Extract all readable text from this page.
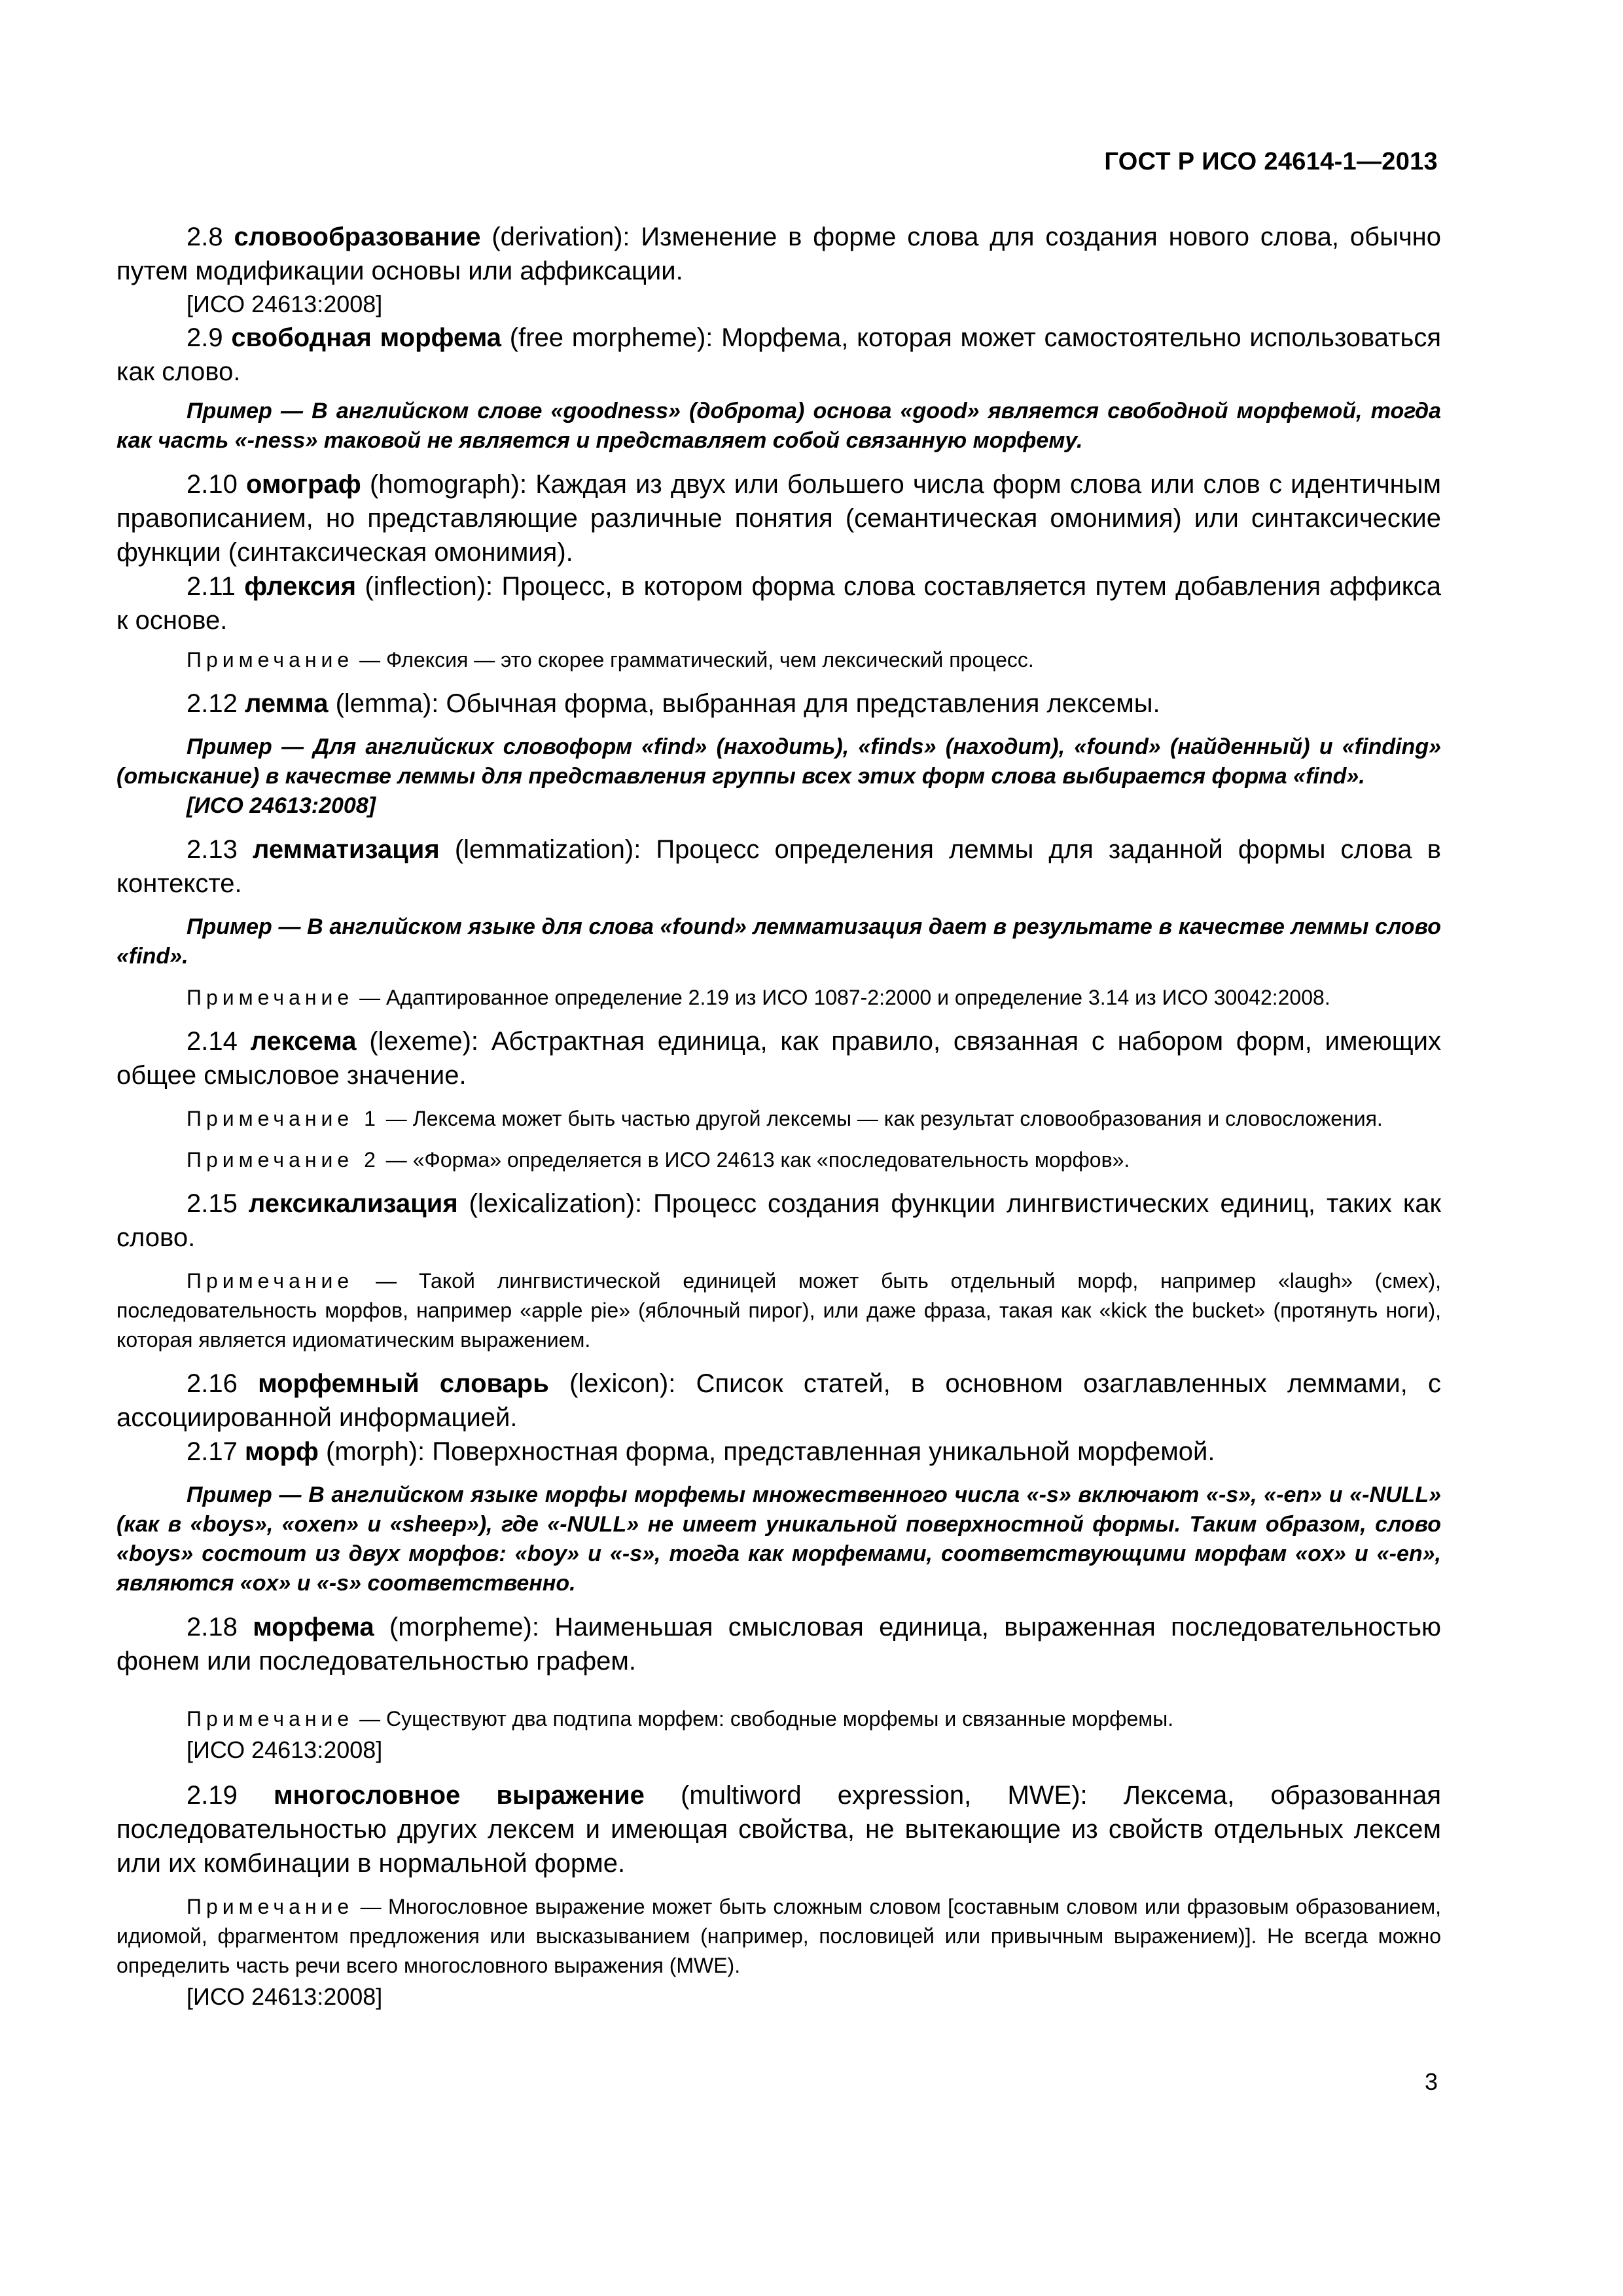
ГОСТ Р ИСО 24614-1—2013

2.8 словообразование (derivation): Изменение в форме слова для создания нового слова, обычно путем модификации основы или аффиксации.

[ИСО 24613:2008]

2.9 свободная морфема (free morpheme): Морфема, которая может самостоятельно использоваться как слово.

Пример — В английском слове «goodness» (доброта) основа «good» является свободной морфемой, тогда как часть «-ness» таковой не является и представляет собой связанную морфему.

2.10 омограф (homograph): Каждая из двух или большего числа форм слова или слов с идентичным правописанием, но представляющие различные понятия (семантическая омонимия) или синтаксические функции (синтаксическая омонимия).

2.11 флексия (inflection): Процесс, в котором форма слова составляется путем добавления аффикса к основе.

Примечание — Флексия — это скорее грамматический, чем лексический процесс.

2.12 лемма (lemma): Обычная форма, выбранная для представления лексемы.

Пример — Для английских словоформ «find» (находить), «finds» (находит), «found» (найденный) и «finding» (отыскание) в качестве леммы для представления группы всех этих форм слова выбирается форма «find».

[ИСО 24613:2008]

2.13 лемматизация (lemmatization): Процесс определения леммы для заданной формы слова в контексте.

Пример — В английском языке для слова «found» лемматизация дает в результате в качестве леммы слово «find».

Примечание — Адаптированное определение 2.19 из ИСО 1087-2:2000 и определение 3.14 из ИСО 30042:2008.

2.14 лексема (lexeme): Абстрактная единица, как правило, связанная с набором форм, имеющих общее смысловое значение.

Примечание 1 — Лексема может быть частью другой лексемы — как результат словообразования и словосложения.

Примечание 2 — «Форма» определяется в ИСО 24613 как «последовательность морфов».

2.15 лексикализация (lexicalization): Процесс создания функции лингвистических единиц, таких как слово.

Примечание — Такой лингвистической единицей может быть отдельный морф, например «laugh» (смех), последовательность морфов, например «apple pie» (яблочный пирог), или даже фраза, такая как «kick the bucket» (протянуть ноги), которая является идиоматическим выражением.

2.16 морфемный словарь (lexicon): Список статей, в основном озаглавленных леммами, с ассоциированной информацией.

2.17 морф (morph): Поверхностная форма, представленная уникальной морфемой.

Пример — В английском языке морфы морфемы множественного числа «-s» включают «-s», «-en» и «-NULL» (как в «boys», «oxen» и «sheep»), где «-NULL» не имеет уникальной поверхностной формы. Таким образом, слово «boys» состоит из двух морфов: «boy» и «-s», тогда как морфемами, соответствующими морфам «ox» и «-en», являются «ox» и «-s» соответственно.

2.18 морфема (morpheme): Наименьшая смысловая единица, выраженная последовательностью фонем или последовательностью графем.

Примечание — Существуют два подтипа морфем: свободные морфемы и связанные морфемы.

[ИСО 24613:2008]

2.19 многословное выражение (multiword expression, MWE): Лексема, образованная последовательностью других лексем и имеющая свойства, не вытекающие из свойств отдельных лексем или их комбинации в нормальной форме.

Примечание — Многословное выражение может быть сложным словом [составным словом или фразовым образованием, идиомой, фрагментом предложения или высказыванием (например, пословицей или привычным выражением)]. Не всегда можно определить часть речи всего многословного выражения (MWE).

[ИСО 24613:2008]

3
